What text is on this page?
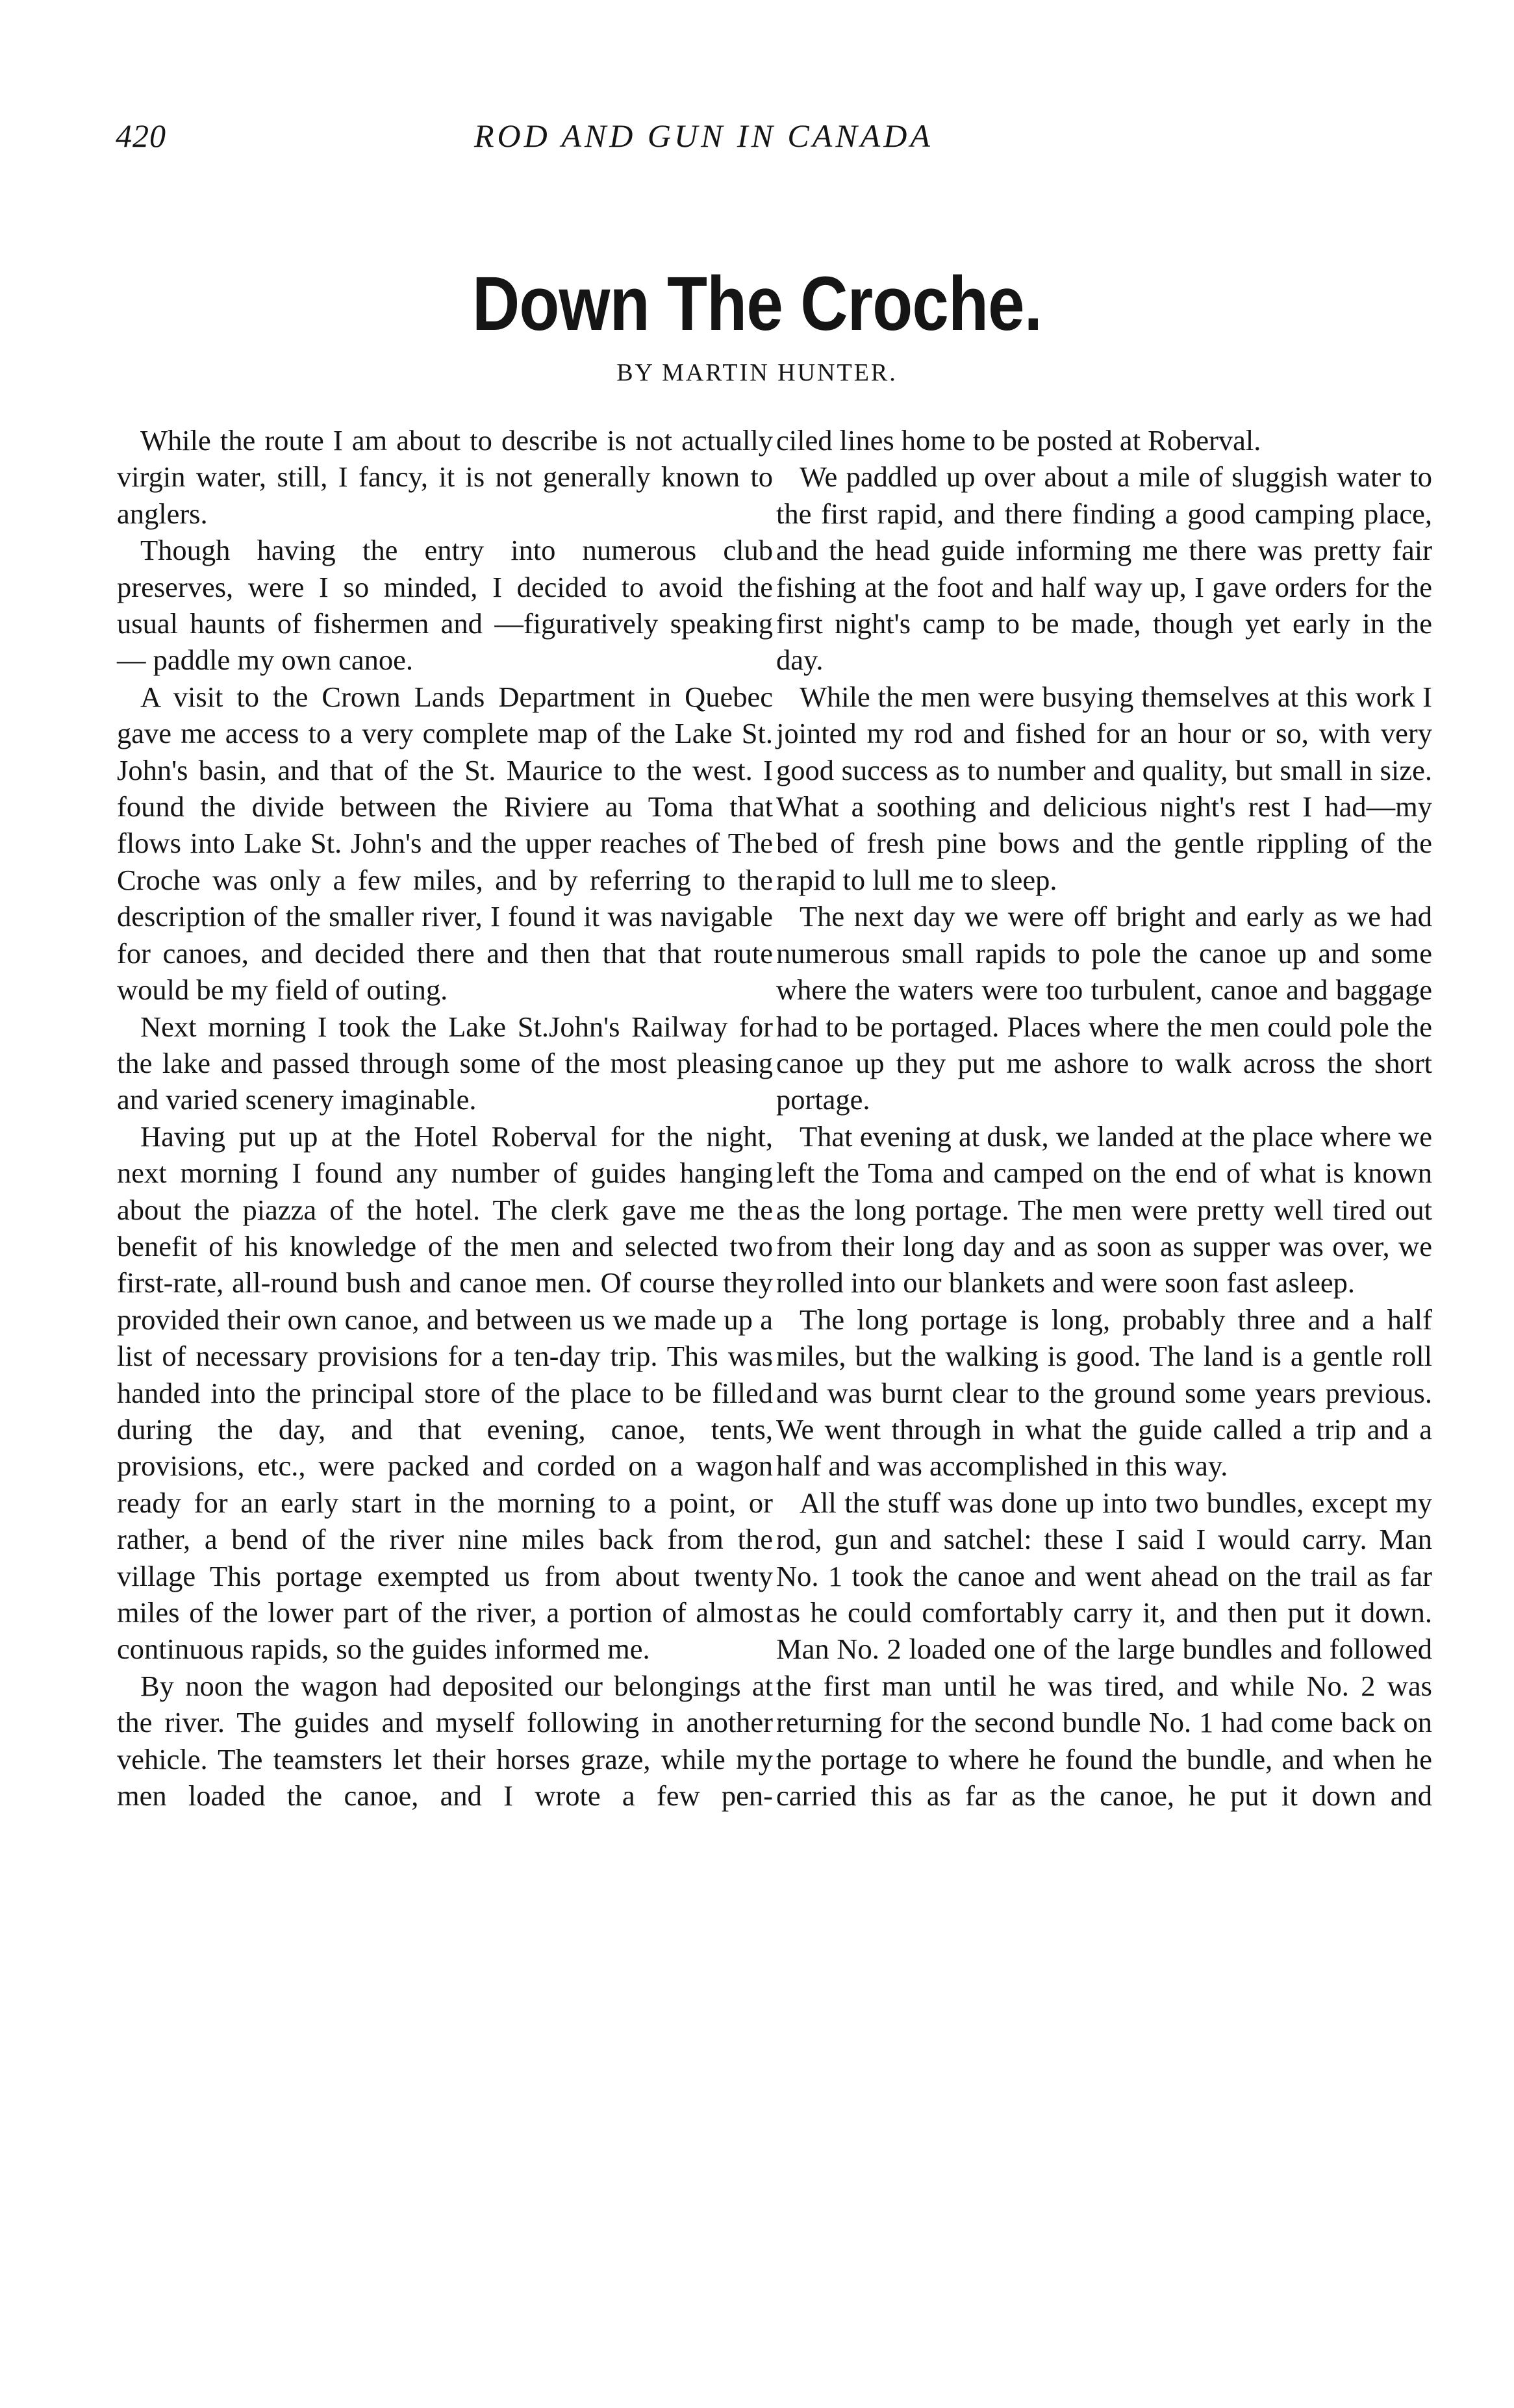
420	ROD AND GUN IN CANADA
Down The Croche.
BY MARTIN HUNTER.

While the route I am about to describe is not actually virgin water, still, I fancy, it is not generally known to anglers.

Though having the entry into numerous club preserves, were I so minded, I decided to avoid the usual haunts of fishermen and —figuratively speaking — paddle my own canoe.

A visit to the Crown Lands Department in Quebec gave me access to a very complete map of the Lake St. John's basin, and that of the St. Maurice to the west. I found the divide between the Riviere au Toma that flows into Lake St. John's and the upper reaches of The Croche was only a few miles, and by referring to the description of the smaller river, I found it was navigable for canoes, and decided there and then that that route would be my field of outing.

Next morning I took the Lake St.John's Railway for the lake and passed through some of the most pleasing and varied scenery imaginable.

Having put up at the Hotel Roberval for the night, next morning I found any number of guides hanging about the piazza of the hotel. The clerk gave me the benefit of his knowledge of the men and selected two first-rate, all-round bush and canoe men. Of course they provided their own canoe, and between us we made up a list of necessary provisions for a ten-day trip. This was handed into the principal store of the place to be filled during the day, and that evening, canoe, tents, provisions, etc., were packed and corded on a wagon ready for an early start in the morning to a point, or rather, a bend of the river nine miles back from the village This portage exempted us from about twenty miles of the lower part of the river, a portion of almost continuous rapids, so the guides informed me.

By noon the wagon had deposited our belongings at the river. The guides and myself following in another vehicle. The teamsters let their horses graze, while my men loaded the canoe, and I wrote a few pen-

ciled lines home to be posted at Roberval.

We paddled up over about a mile of sluggish water to the first rapid, and there finding a good camping place, and the head guide informing me there was pretty fair fishing at the foot and half way up, I gave orders for the first night's camp to be made, though yet early in the day.

While the men were busying themselves at this work I jointed my rod and fished for an hour or so, with very good success as to number and quality, but small in size. What a soothing and delicious night's rest I had—my bed of fresh pine bows and the gentle rippling of the rapid to lull me to sleep.

The next day we were off bright and early as we had numerous small rapids to pole the canoe up and some where the waters were too turbulent, canoe and baggage had to be portaged. Places where the men could pole the canoe up they put me ashore to walk across the short portage.

That evening at dusk, we landed at the place where we left the Toma and camped on the end of what is known as the long portage. The men were pretty well tired out from their long day and as soon as supper was over, we rolled into our blankets and were soon fast asleep.

The long portage is long, probably three and a half miles, but the walking is good. The land is a gentle roll and was burnt clear to the ground some years previous. We went through in what the guide called a trip and a half and was accomplished in this way.

All the stuff was done up into two bundles, except my rod, gun and satchel: these I said I would carry. Man No. 1 took the canoe and went ahead on the trail as far as he could comfortably carry it, and then put it down. Man No. 2 loaded one of the large bundles and followed the first man until he was tired, and while No. 2 was returning for the second bundle No. 1 had come back on the portage to where he found the bundle, and when he carried this as far as the canoe, he put it down and
